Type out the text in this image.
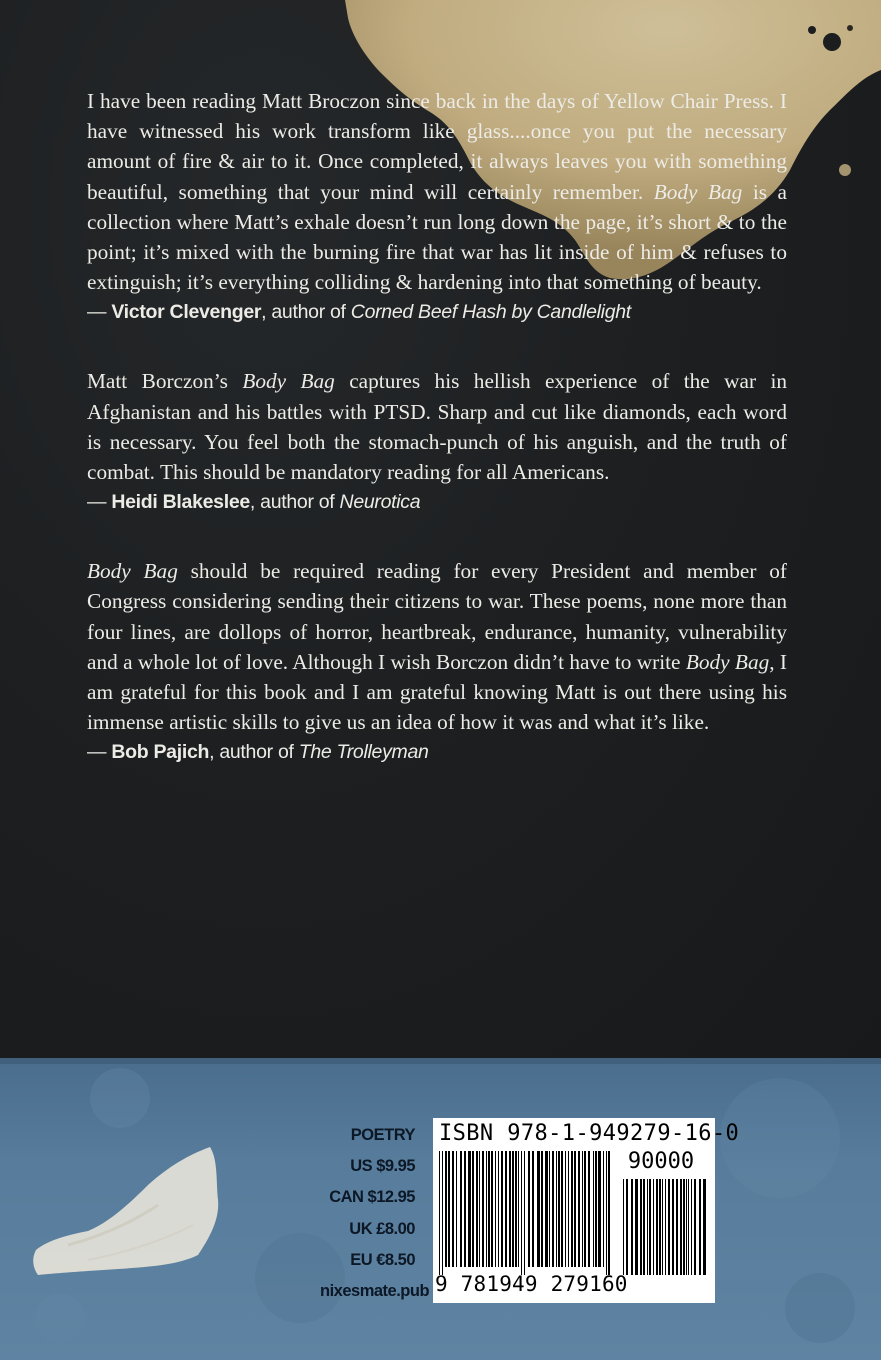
I have been reading Matt Broczon since back in the days of Yellow Chair Press. I have witnessed his work transform like glass....once you put the necessary amount of fire & air to it. Once completed, it always leaves you with something beautiful, something that your mind will certainly remember. Body Bag is a collection where Matt’s exhale doesn’t run long down the page, it’s short & to the point; it’s mixed with the burning fire that war has lit inside of him & refuses to extinguish; it’s everything colliding & hardening into that something of beauty.

— Victor Clevenger, author of Corned Beef Hash by Candlelight

Matt Borczon’s Body Bag captures his hellish experience of the war in Afghanistan and his battles with PTSD. Sharp and cut like diamonds, each word is necessary. You feel both the stomach-punch of his anguish, and the truth of combat. This should be mandatory reading for all Americans.

— Heidi Blakeslee, author of Neurotica

Body Bag should be required reading for every President and member of Congress considering sending their citizens to war. These poems, none more than four lines, are dollops of horror, heartbreak, endurance, humanity, vulnerability and a whole lot of love. Although I wish Borczon didn’t have to write Body Bag, I am grateful for this book and I am grateful knowing Matt is out there using his immense artistic skills to give us an idea of how it was and what it’s like.

— Bob Pajich, author of The Trolleyman
POETRY
US $9.95
CAN $12.95
UK £8.00
EU €8.50
nixesmate.pub
ISBN 978-1-949279-16-0
90000
9 781949 279160
